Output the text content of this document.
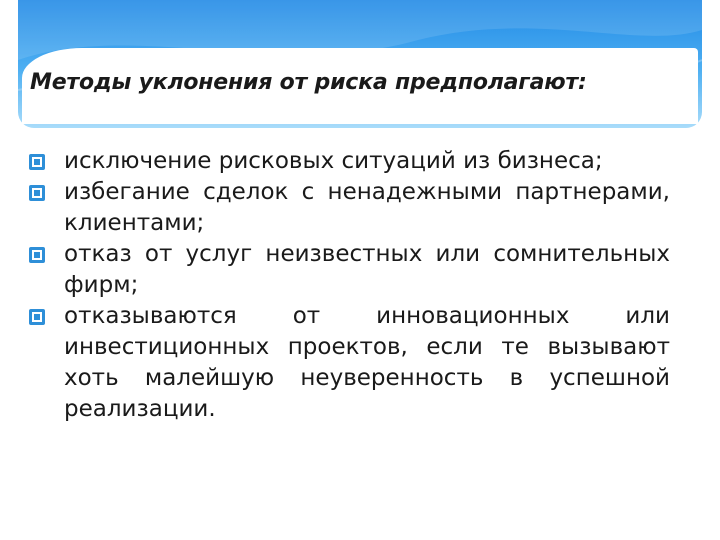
Методы уклонения от риска предполагают:
исключение рисковых ситуаций из бизнеса;
избегание сделок с ненадежными партнерами, клиентами;
отказ от услуг неизвестных или сомнительных фирм;
отказываются от инновационных или инвестиционных проектов, если те вызывают хоть малейшую неуверенность в успешной реализации.
